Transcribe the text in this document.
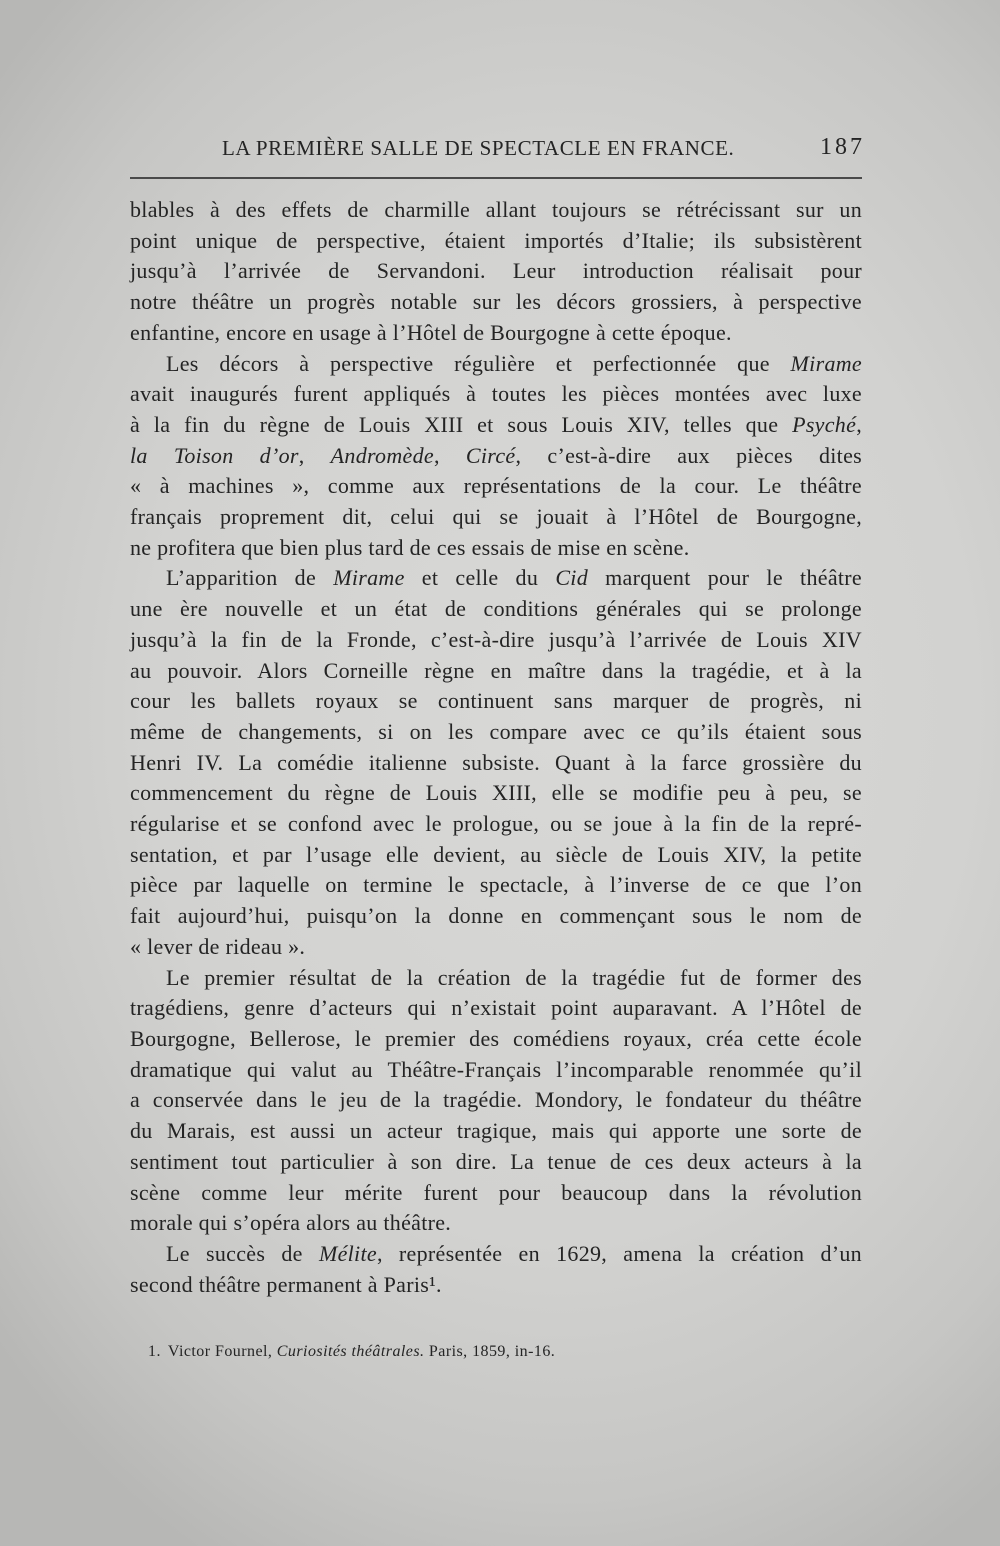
LA PREMIÈRE SALLE DE SPECTACLE EN FRANCE.	187
blables à des effets de charmille allant toujours se rétrécissant sur un
point unique de perspective, étaient importés d’Italie; ils subsistèrent
jusqu’à l’arrivée de Servandoni. Leur introduction réalisait pour
notre théâtre un progrès notable sur les décors grossiers, à perspective
enfantine, encore en usage à l’Hôtel de Bourgogne à cette époque.
Les décors à perspective régulière et perfectionnée que Mirame
avait inaugurés furent appliqués à toutes les pièces montées avec luxe
à la fin du règne de Louis XIII et sous Louis XIV, telles que Psyché,
la Toison d’or, Andromède, Circé, c’est-à-dire aux pièces dites
« à machines », comme aux représentations de la cour. Le théâtre
français proprement dit, celui qui se jouait à l’Hôtel de Bourgogne,
ne profitera que bien plus tard de ces essais de mise en scène.
L’apparition de Mirame et celle du Cid marquent pour le théâtre
une ère nouvelle et un état de conditions générales qui se prolonge
jusqu’à la fin de la Fronde, c’est-à-dire jusqu’à l’arrivée de Louis XIV
au pouvoir. Alors Corneille règne en maître dans la tragédie, et à la
cour les ballets royaux se continuent sans marquer de progrès, ni
même de changements, si on les compare avec ce qu’ils étaient sous
Henri IV. La comédie italienne subsiste. Quant à la farce grossière du
commencement du règne de Louis XIII, elle se modifie peu à peu, se
régularise et se confond avec le prologue, ou se joue à la fin de la repré-
sentation, et par l’usage elle devient, au siècle de Louis XIV, la petite
pièce par laquelle on termine le spectacle, à l’inverse de ce que l’on
fait aujourd’hui, puisqu’on la donne en commençant sous le nom de
« lever de rideau ».
Le premier résultat de la création de la tragédie fut de former des
tragédiens, genre d’acteurs qui n’existait point auparavant. A l’Hôtel de
Bourgogne, Bellerose, le premier des comédiens royaux, créa cette école
dramatique qui valut au Théâtre-Français l’incomparable renommée qu’il
a conservée dans le jeu de la tragédie. Mondory, le fondateur du théâtre
du Marais, est aussi un acteur tragique, mais qui apporte une sorte de
sentiment tout particulier à son dire. La tenue de ces deux acteurs à la
scène comme leur mérite furent pour beaucoup dans la révolution
morale qui s’opéra alors au théâtre.
Le succès de Mélite, représentée en 1629, amena la création d’un
second théâtre permanent à Paris¹.
1. Victor Fournel, Curiosités théâtrales. Paris, 1859, in-16.
